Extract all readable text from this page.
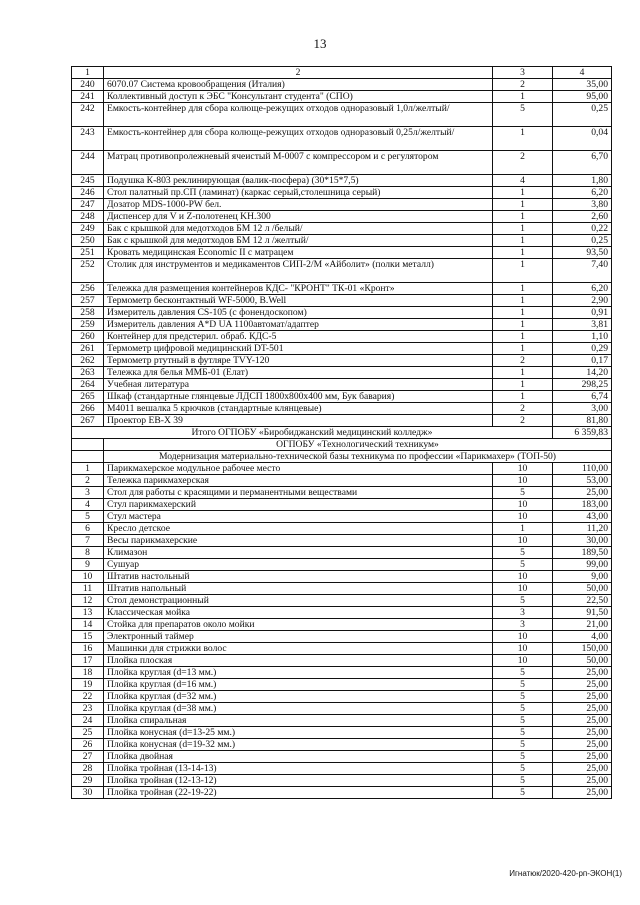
13
1	2	3	4
240	6070.07 Система кровообращения (Италия)	2	35,00
241	Коллективный доступ к ЭБС "Консультант студента" (СПО)	1	95,00
242	Емкость-контейнер для сбора колюще-режущих отходов одноразовый 1,0л/желтый/	5	0,25
243	Емкость-контейнер для сбора колюще-режущих отходов одноразовый 0,25л/желтый/	1	0,04
244	Матрац противопролежневый ячеистый М-0007 с компрессором и с регулятором	2	6,70
245	Подушка К-803 реклинирующая (валик-посфера) (30*15*7,5)	4	1,80
246	Стол палатный пр.СП (ламинат) (каркас серый,столешница серый)	1	6,20
247	Дозатор MDS-1000-PW бел.	1	3,80
248	Диспенсер для V и Z-полотенец KH.300	1	2,60
249	Бак с крышкой для медотходов БМ 12 л /белый/	1	0,22
250	Бак с крышкой для медотходов БМ 12 л /желтый/	1	0,25
251	Кровать медицинская Economic II с матрацем	1	93,50
252	Столик для инструментов и медикаментов СИП-2/М «Айболит» (полки металл)	1	7,40
256	Тележка для размещения контейнеров КДС- "КРОНТ" ТК-01 «Кронт»	1	6,20
257	Термометр бесконтактный WF-5000, B.Well	1	2,90
258	Измеритель давления CS-105 (с фонендоскопом)	1	0,91
259	Измеритель давления A*D UA 1100автомат/адаптер	1	3,81
260	Контейнер для предстерил. обраб. КДС-5	1	1,10
261	Термометр цифровой медицинский DT-501	1	0,29
262	Термометр ртутный в футляре TVY-120	2	0,17
263	Тележка для белья ММБ-01 (Елат)	1	14,20
264	Учебная литература	1	298,25
265	Шкаф (стандартные глянцевые ЛДСП 1800х800х400 мм, Бук бавария)	1	6,74
266	М4011 вешалка 5 крючков (стандартные клянцевые)	2	3,00
267	Проектор EB-X 39	2	81,80
Итого ОГПОБУ «Биробиджанский медицинский колледж»			6 359,83
	ОГПОБУ «Технологический техникум»		
	Модернизация материально-технической базы техникума по профессии «Парикмахер» (ТОП-50)		
1	Парикмахерское модульное рабочее место	10	110,00
2	Тележка парикмахерская	10	53,00
3	Стол для работы с красящими и перманентными веществами	5	25,00
4	Стул парикмахерский	10	183,00
5	Стул мастера	10	43,00
6	Кресло детское	1	11,20
7	Весы парикмахерские	10	30,00
8	Климазон	5	189,50
9	Сушуар	5	99,00
10	Штатив настольный	10	9,00
11	Штатив напольный	10	50,00
12	Стол демонстрационный	5	22,50
13	Классическая мойка	3	91,50
14	Стойка для препаратов около мойки	3	21,00
15	Электронный таймер	10	4,00
16	Машинки для стрижки волос	10	150,00
17	Плойка плоская	10	50,00
18	Плойка круглая (d=13 мм.)	5	25,00
19	Плойка круглая (d=16 мм.)	5	25,00
22	Плойка круглая (d=32 мм.)	5	25,00
23	Плойка круглая (d=38 мм.)	5	25,00
24	Плойка спиральная	5	25,00
25	Плойка конусная (d=13-25 мм.)	5	25,00
26	Плойка конусная (d=19-32 мм.)	5	25,00
27	Плойка двойная	5	25,00
28	Плойка тройная (13-14-13)	5	25,00
29	Плойка тройная (12-13-12)	5	25,00
30	Плойка тройная (22-19-22)	5	25,00
Игнатюк/2020-420-рп-ЭКОН(1)
